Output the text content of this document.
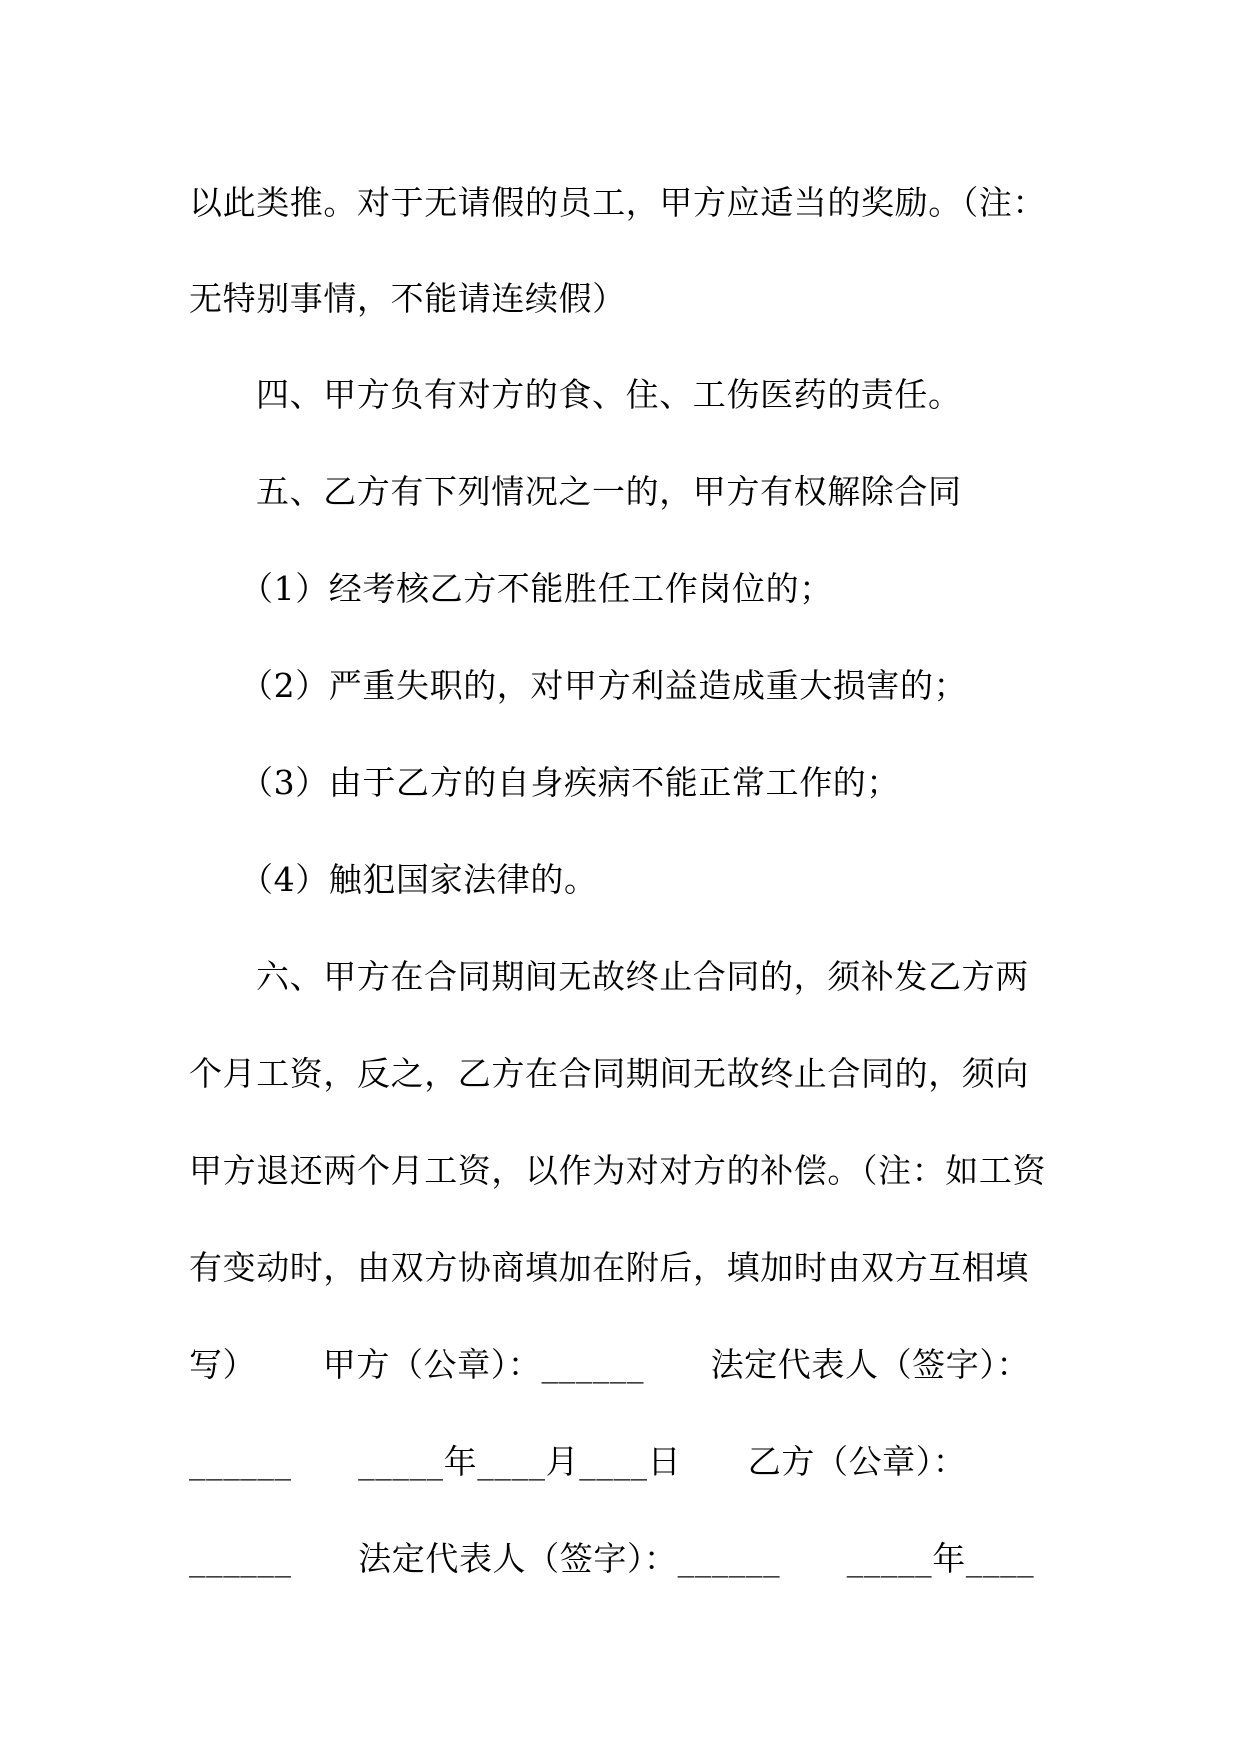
以此类推。对于无请假的员工，甲方应适当的奖励。（注：
无特别事情，不能请连续假）
四、甲方负有对方的食、住、工伤医药的责任。
五、乙方有下列情况之一的，甲方有权解除合同
（1）经考核乙方不能胜任工作岗位的；
（2）严重失职的，对甲方利益造成重大损害的；
（3）由于乙方的自身疾病不能正常工作的；
（4）触犯国家法律的。
六、甲方在合同期间无故终止合同的，须补发乙方两
个月工资，反之，乙方在合同期间无故终止合同的，须向
甲方退还两个月工资，以作为对对方的补偿。（注：如工资
有变动时，由双方协商填加在附后，填加时由双方互相填
写）      甲方（公章）：______      法定代表人（签字）：
______      _____年____月____日      乙方（公章）：
______      法定代表人（签字）：______      _____年____
